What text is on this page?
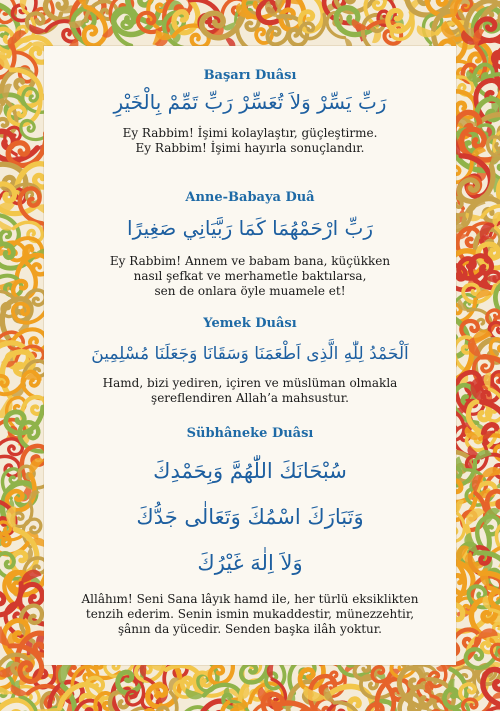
Başarı Duâsı
رَبِّ يَسِّرْ وَلاَ تُعَسِّرْ رَبِّ تَمِّمْ بِالْخَيْرِ
Ey Rabbim! İşimi kolaylaştır, güçleştirme.
Ey Rabbim! İşimi hayırla sonuçlandır.
Anne-Babaya Duâ
رَبِّ ارْحَمْهُمَا كَمَا رَبَّيَانِي صَغِيرًا
Ey Rabbim! Annem ve babam bana, küçükken
nasıl şefkat ve merhametle baktılarsa,
sen de onlara öyle muamele et!
Yemek Duâsı
اَلْحَمْدُ لِلّٰهِ الَّذِى اَطْعَمَنَا وَسَقَانَا وَجَعَلَنَا مُسْلِمِينَ
Hamd, bizi yediren, içiren ve müslüman olmakla
şereflendiren Allah’a mahsustur.
Sübhâneke Duâsı
سُبْحَانَكَ اللّٰهُمَّ وَبِحَمْدِكَ
وَتَبَارَكَ اسْمُكَ وَتَعَالٰى جَدُّكَ
وَلاَ اِلٰهَ غَيْرُكَ
Allâhım! Seni Sana lâyık hamd ile, her türlü eksiklikten
tenzih ederim. Senin ismin mukaddestir, münezzehtir,
şânın da yücedir. Senden başka ilâh yoktur.
